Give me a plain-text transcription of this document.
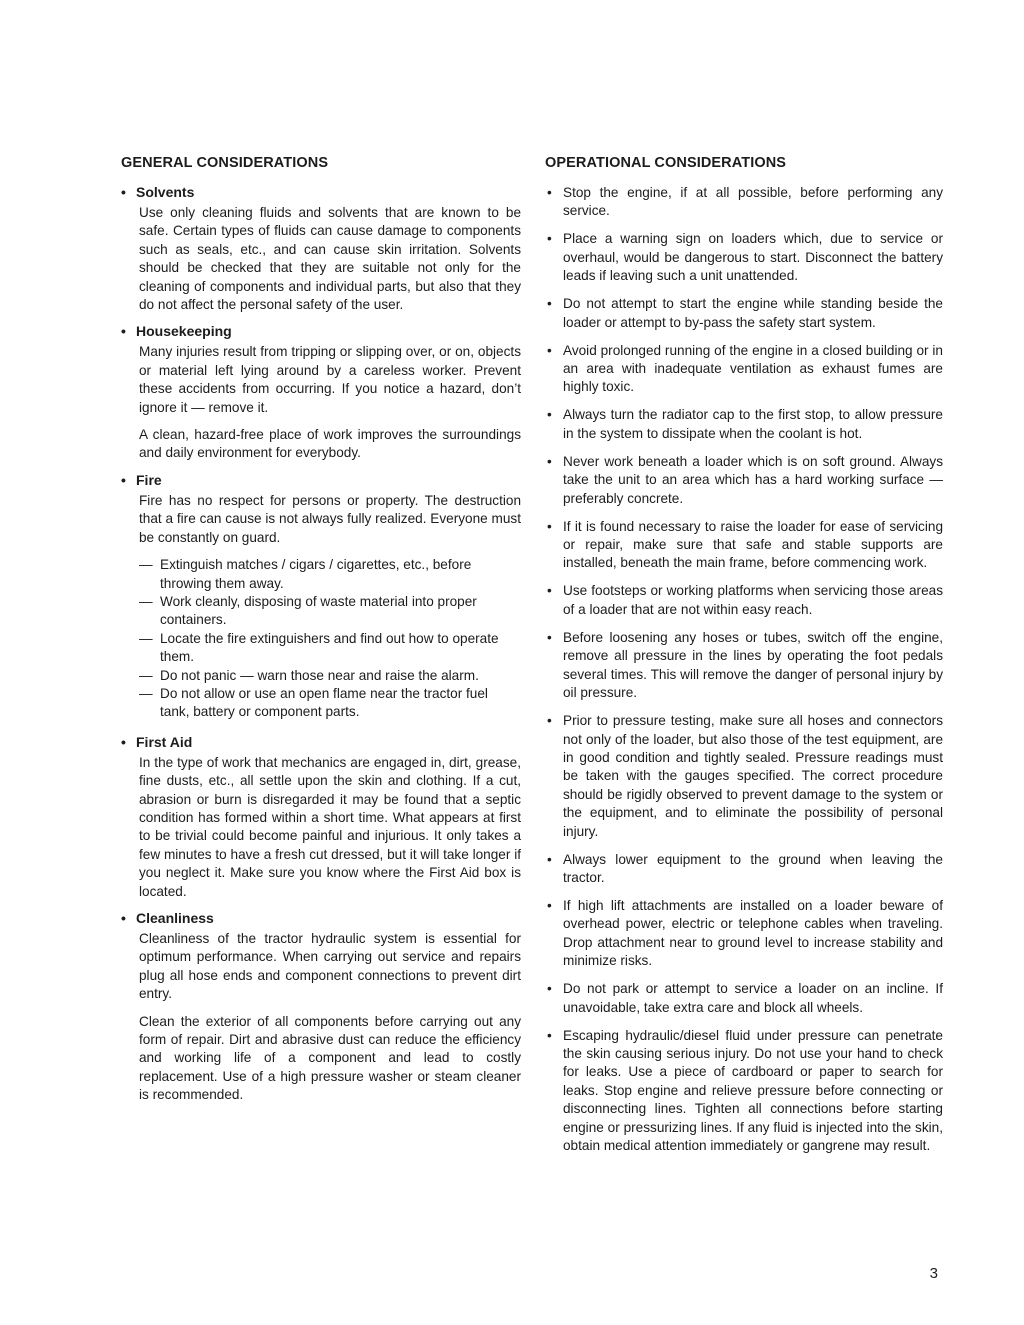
GENERAL CONSIDERATIONS
• Solvents

Use only cleaning fluids and solvents that are known to be safe. Certain types of fluids can cause damage to components such as seals, etc., and can cause skin irritation. Solvents should be checked that they are suitable not only for the cleaning of components and individual parts, but also that they do not affect the personal safety of the user.

• Housekeeping

Many injuries result from tripping or slipping over, or on, objects or material left lying around by a careless worker. Prevent these accidents from occurring. If you notice a hazard, don’t ignore it — remove it.

A clean, hazard-free place of work improves the surroundings and daily environment for everybody.

• Fire

Fire has no respect for persons or property. The destruction that a fire can cause is not always fully realized. Everyone must be constantly on guard.

— Extinguish matches / cigars / cigarettes, etc., before throwing them away.
— Work cleanly, disposing of waste material into proper containers.
— Locate the fire extinguishers and find out how to operate them.
— Do not panic — warn those near and raise the alarm.
— Do not allow or use an open flame near the tractor fuel tank, battery or component parts.
• First Aid

In the type of work that mechanics are engaged in, dirt, grease, fine dusts, etc., all settle upon the skin and clothing. If a cut, abrasion or burn is disregarded it may be found that a septic condition has formed within a short time. What appears at first to be trivial could become painful and injurious. It only takes a few minutes to have a fresh cut dressed, but it will take longer if you neglect it. Make sure you know where the First Aid box is located.

• Cleanliness

Cleanliness of the tractor hydraulic system is essential for optimum performance. When carrying out service and repairs plug all hose ends and component connections to prevent dirt entry.

Clean the exterior of all components before carrying out any form of repair. Dirt and abrasive dust can reduce the efficiency and working life of a component and lead to costly replacement. Use of a high pressure washer or steam cleaner is recommended.

OPERATIONAL CONSIDERATIONS
• Stop the engine, if at all possible, before performing any service.
• Place a warning sign on loaders which, due to service or overhaul, would be dangerous to start. Disconnect the battery leads if leaving such a unit unattended.
• Do not attempt to start the engine while standing beside the loader or attempt to by-pass the safety start system.
• Avoid prolonged running of the engine in a closed building or in an area with inadequate ventilation as exhaust fumes are highly toxic.
• Always turn the radiator cap to the first stop, to allow pressure in the system to dissipate when the coolant is hot.
• Never work beneath a loader which is on soft ground. Always take the unit to an area which has a hard working surface — preferably concrete.
• If it is found necessary to raise the loader for ease of servicing or repair, make sure that safe and stable supports are installed, beneath the main frame, before commencing work.
• Use footsteps or working platforms when servicing those areas of a loader that are not within easy reach.
• Before loosening any hoses or tubes, switch off the engine, remove all pressure in the lines by operating the foot pedals several times. This will remove the danger of personal injury by oil pressure.
• Prior to pressure testing, make sure all hoses and connectors not only of the loader, but also those of the test equipment, are in good condition and tightly sealed. Pressure readings must be taken with the gauges specified. The correct procedure should be rigidly observed to prevent damage to the system or the equipment, and to eliminate the possibility of personal injury.
• Always lower equipment to the ground when leaving the tractor.
• If high lift attachments are installed on a loader beware of overhead power, electric or telephone cables when traveling. Drop attachment near to ground level to increase stability and minimize risks.
• Do not park or attempt to service a loader on an incline. If unavoidable, take extra care and block all wheels.
• Escaping hydraulic/diesel fluid under pressure can penetrate the skin causing serious injury. Do not use your hand to check for leaks. Use a piece of cardboard or paper to search for leaks. Stop engine and relieve pressure before connecting or disconnecting lines. Tighten all connections before starting engine or pressurizing lines. If any fluid is injected into the skin, obtain medical attention immediately or gangrene may result.
3
